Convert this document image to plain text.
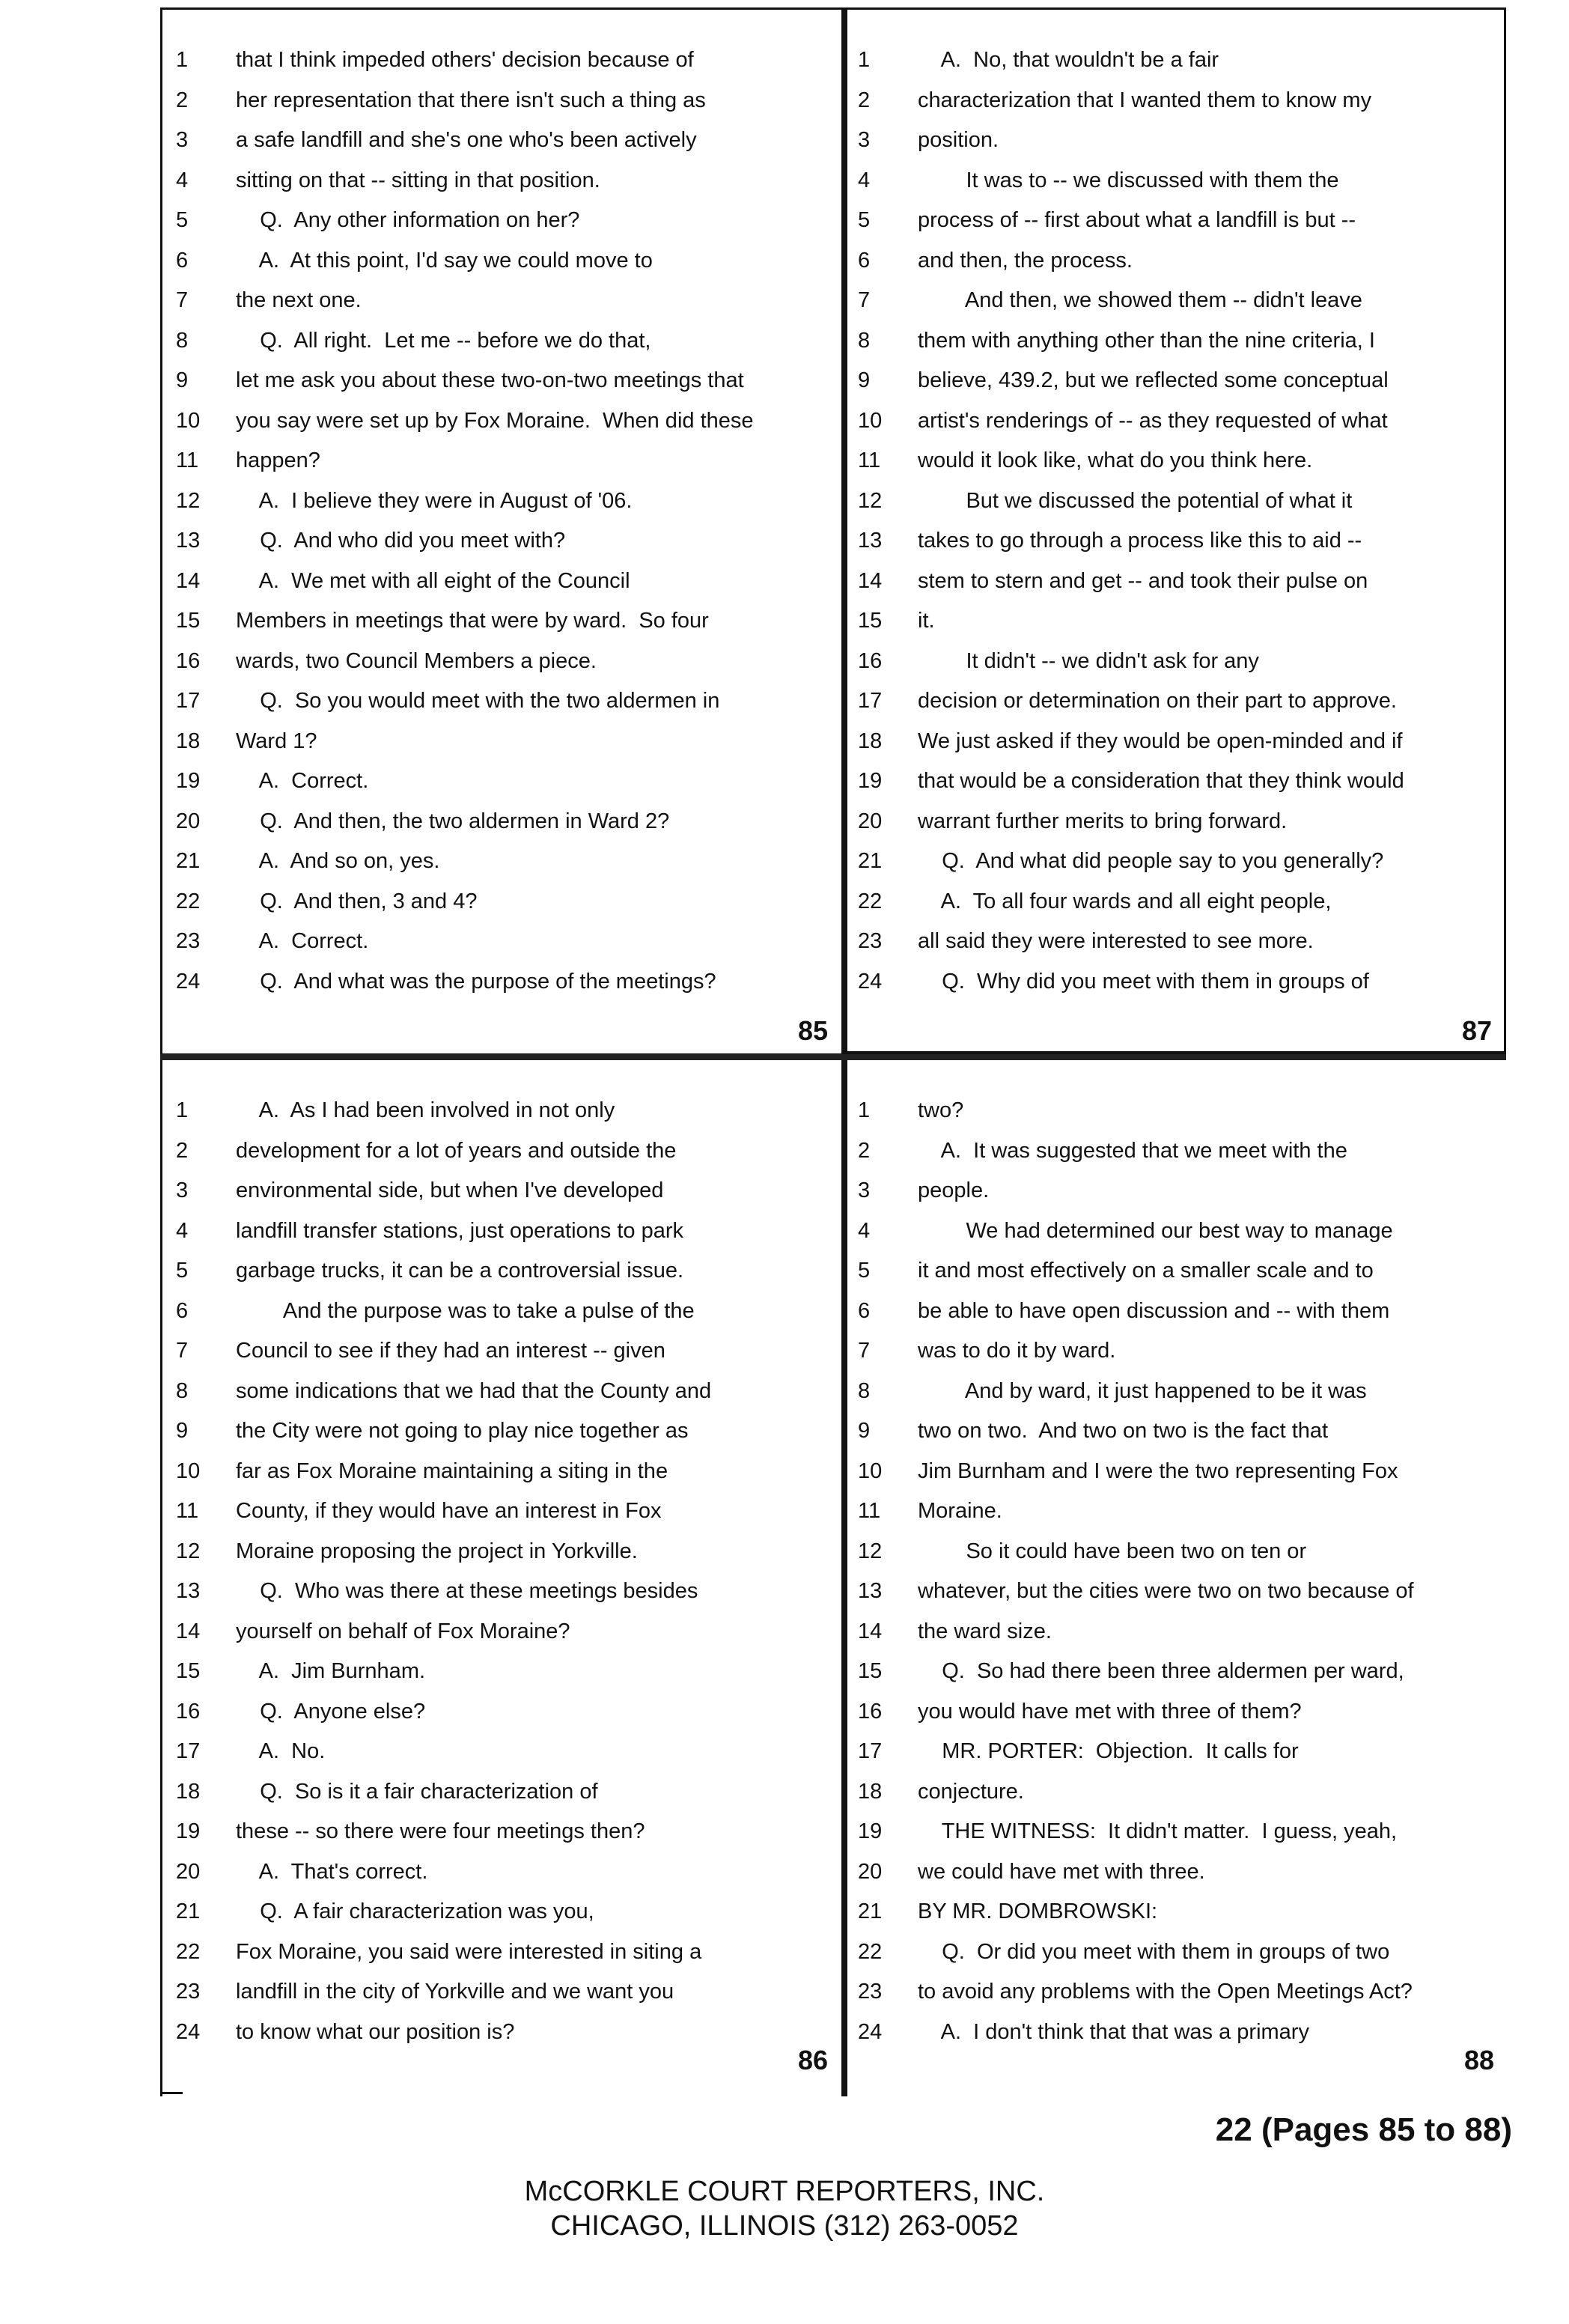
1	that I think impeded others' decision because of
2	her representation that there isn't such a thing as
3	a safe landfill and she's one who's been actively
4	sitting on that -- sitting in that position.
5	Q.  Any other information on her?
6	A.  At this point, I'd say we could move to
7	the next one.
8	Q.  All right.  Let me -- before we do that,
9	let me ask you about these two-on-two meetings that
10	you say were set up by Fox Moraine.  When did these
11	happen?
12	A.  I believe they were in August of '06.
13	Q.  And who did you meet with?
14	A.  We met with all eight of the Council
15	Members in meetings that were by ward.  So four
16	wards, two Council Members a piece.
17	Q.  So you would meet with the two aldermen in
18	Ward 1?
19	A.  Correct.
20	Q.  And then, the two aldermen in Ward 2?
21	A.  And so on, yes.
22	Q.  And then, 3 and 4?
23	A.  Correct.
24	Q.  And what was the purpose of the meetings?
85
1	A.  No, that wouldn't be a fair
2	characterization that I wanted them to know my
3	position.
4	It was to -- we discussed with them the
5	process of -- first about what a landfill is but --
6	and then, the process.
7	And then, we showed them -- didn't leave
8	them with anything other than the nine criteria, I
9	believe, 439.2, but we reflected some conceptual
10	artist's renderings of -- as they requested of what
11	would it look like, what do you think here.
12	But we discussed the potential of what it
13	takes to go through a process like this to aid --
14	stem to stern and get -- and took their pulse on
15	it.
16	It didn't -- we didn't ask for any
17	decision or determination on their part to approve.
18	We just asked if they would be open-minded and if
19	that would be a consideration that they think would
20	warrant further merits to bring forward.
21	Q.  And what did people say to you generally?
22	A.  To all four wards and all eight people,
23	all said they were interested to see more.
24	Q.  Why did you meet with them in groups of
87
1	A.  As I had been involved in not only
2	development for a lot of years and outside the
3	environmental side, but when I've developed
4	landfill transfer stations, just operations to park
5	garbage trucks, it can be a controversial issue.
6	And the purpose was to take a pulse of the
7	Council to see if they had an interest -- given
8	some indications that we had that the County and
9	the City were not going to play nice together as
10	far as Fox Moraine maintaining a siting in the
11	County, if they would have an interest in Fox
12	Moraine proposing the project in Yorkville.
13	Q.  Who was there at these meetings besides
14	yourself on behalf of Fox Moraine?
15	A.  Jim Burnham.
16	Q.  Anyone else?
17	A.  No.
18	Q.  So is it a fair characterization of
19	these -- so there were four meetings then?
20	A.  That's correct.
21	Q.  A fair characterization was you,
22	Fox Moraine, you said were interested in siting a
23	landfill in the city of Yorkville and we want you
24	to know what our position is?
86
1	two?
2	A.  It was suggested that we meet with the
3	people.
4	We had determined our best way to manage
5	it and most effectively on a smaller scale and to
6	be able to have open discussion and -- with them
7	was to do it by ward.
8	And by ward, it just happened to be it was
9	two on two.  And two on two is the fact that
10	Jim Burnham and I were the two representing Fox
11	Moraine.
12	So it could have been two on ten or
13	whatever, but the cities were two on two because of
14	the ward size.
15	Q.  So had there been three aldermen per ward,
16	you would have met with three of them?
17	MR. PORTER:  Objection.  It calls for
18	conjecture.
19	THE WITNESS:  It didn't matter.  I guess, yeah,
20	we could have met with three.
21	BY MR. DOMBROWSKI:
22	Q.  Or did you meet with them in groups of two
23	to avoid any problems with the Open Meetings Act?
24	A.  I don't think that that was a primary
88
22 (Pages 85 to 88)
McCORKLE COURT REPORTERS, INC.
CHICAGO, ILLINOIS (312) 263-0052
